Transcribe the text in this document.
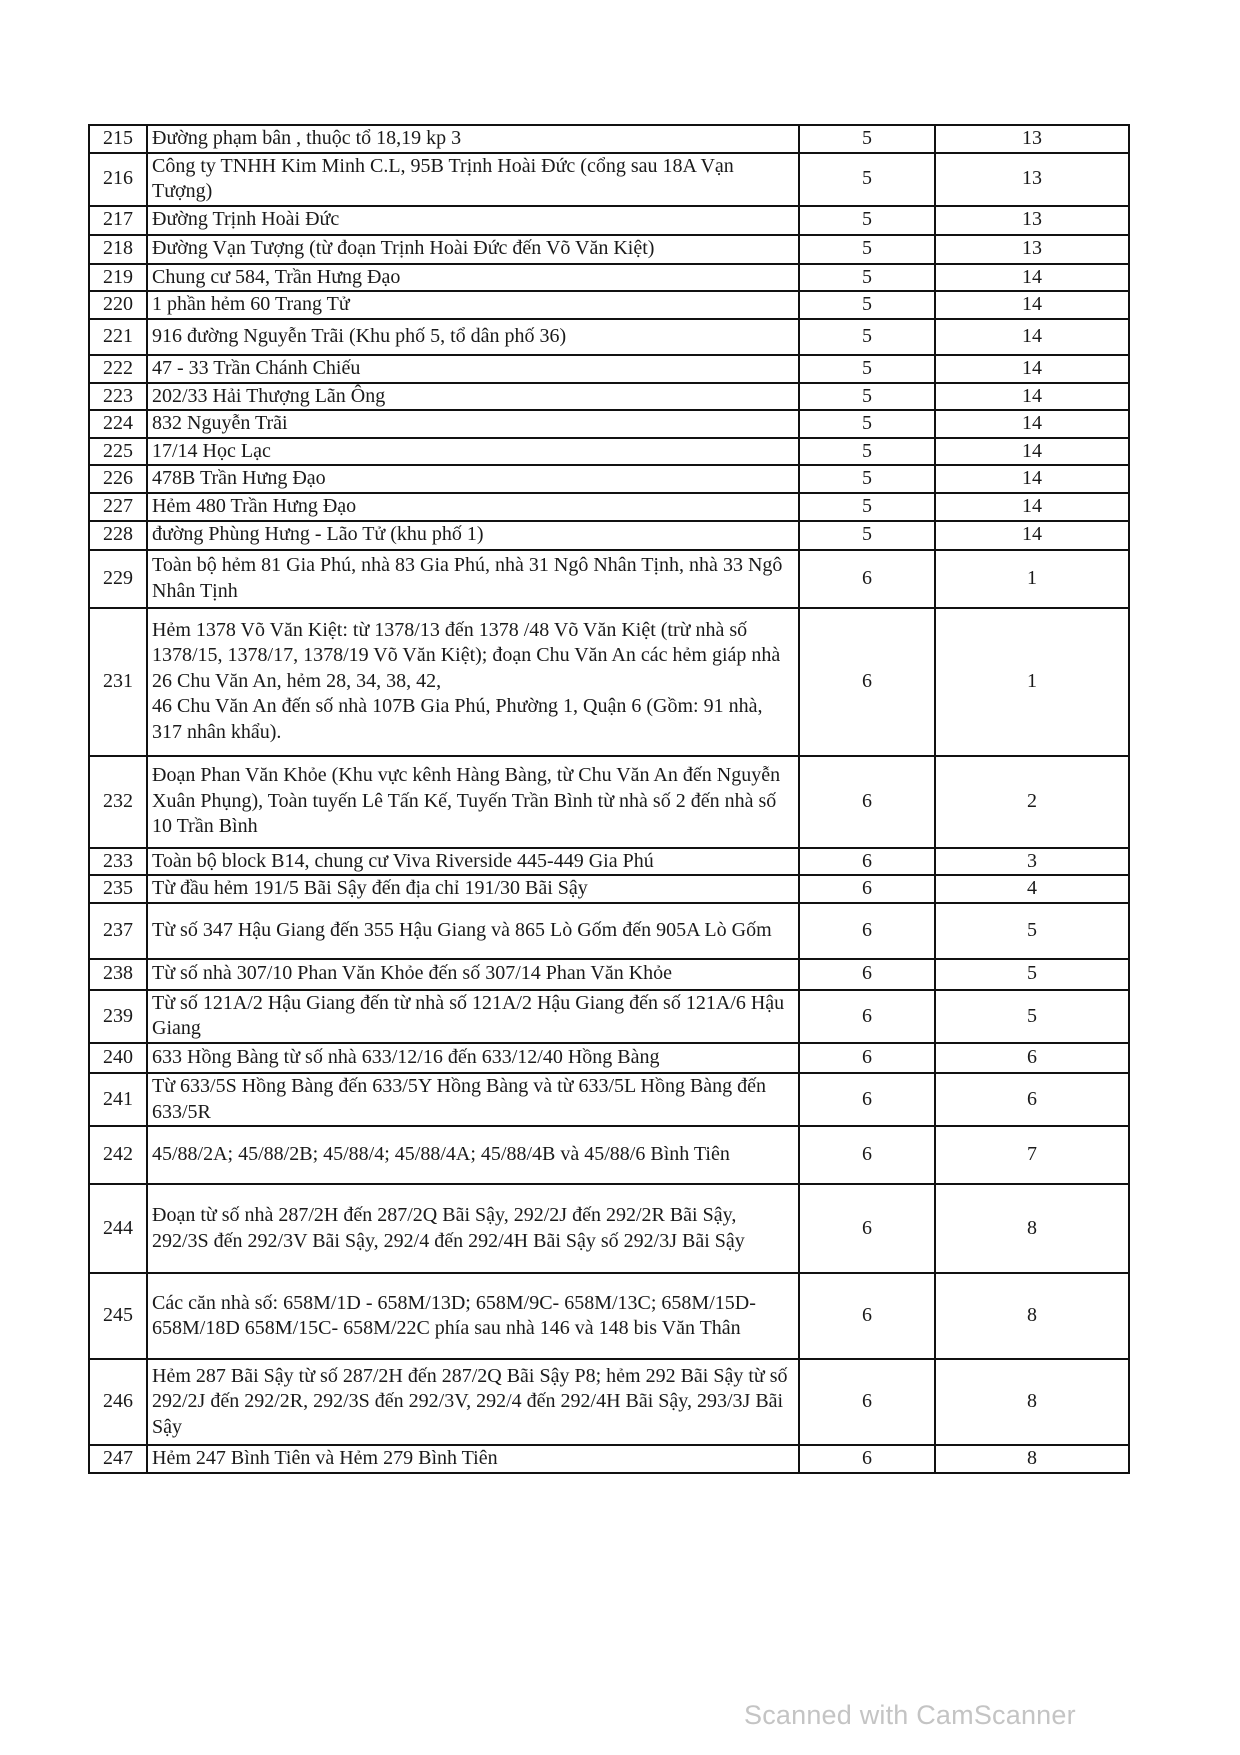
215	Đường phạm bân , thuộc tổ 18,19 kp 3	5	13
216	Công ty TNHH Kim Minh C.L, 95B Trịnh Hoài Đức (cổng sau 18A Vạn Tượng)	5	13
217	Đường Trịnh Hoài Đức	5	13
218	Đường Vạn Tượng (từ đoạn Trịnh Hoài Đức đến Võ Văn Kiệt)	5	13
219	Chung cư 584, Trần Hưng Đạo	5	14
220	1 phần hẻm 60 Trang Tử	5	14
221	916 đường Nguyễn Trãi (Khu phố 5, tổ dân phố 36)	5	14
222	47 - 33 Trần Chánh Chiếu	5	14
223	202/33 Hải Thượng Lãn Ông	5	14
224	832 Nguyễn Trãi	5	14
225	17/14 Học Lạc	5	14
226	478B Trần Hưng Đạo	5	14
227	Hẻm 480 Trần Hưng Đạo	5	14
228	đường Phùng Hưng - Lão Tử (khu phố 1)	5	14
229	Toàn bộ hẻm 81 Gia Phú, nhà 83 Gia Phú, nhà 31 Ngô Nhân Tịnh, nhà 33 Ngô Nhân Tịnh	6	1
231	Hẻm 1378 Võ Văn Kiệt: từ 1378/13 đến 1378 /48 Võ Văn Kiệt (trừ nhà số 1378/15, 1378/17, 1378/19 Võ Văn Kiệt); đoạn Chu Văn An các hẻm giáp nhà 26 Chu Văn An, hẻm 28, 34, 38, 42,
46 Chu Văn An đến số nhà 107B Gia Phú, Phường 1, Quận 6 (Gồm: 91 nhà, 317 nhân khẩu).	6	1
232	Đoạn Phan Văn Khỏe (Khu vực kênh Hàng Bàng, từ Chu Văn An đến Nguyễn Xuân Phụng), Toàn tuyến Lê Tấn Kế, Tuyến Trần Bình từ nhà số 2 đến nhà số 10 Trần Bình	6	2
233	Toàn bộ block B14, chung cư Viva Riverside 445-449 Gia Phú	6	3
235	Từ đầu hẻm 191/5 Bãi Sậy đến địa chỉ 191/30 Bãi Sậy	6	4
237	Từ số 347 Hậu Giang đến 355 Hậu Giang và 865 Lò Gốm đến 905A Lò Gốm	6	5
238	Từ số nhà 307/10 Phan Văn Khỏe đến số 307/14 Phan Văn Khỏe	6	5
239	Từ số 121A/2 Hậu Giang đến từ nhà số 121A/2 Hậu Giang đến số 121A/6 Hậu Giang	6	5
240	633 Hồng Bàng từ số nhà 633/12/16 đến 633/12/40 Hồng Bàng	6	6
241	Từ 633/5S Hồng Bàng đến 633/5Y Hồng Bàng và từ 633/5L Hồng Bàng đến 633/5R	6	6
242	45/88/2A; 45/88/2B; 45/88/4; 45/88/4A; 45/88/4B và 45/88/6 Bình Tiên	6	7
244	Đoạn từ số nhà 287/2H đến 287/2Q Bãi Sậy, 292/2J đến 292/2R Bãi Sậy, 292/3S đến 292/3V Bãi Sậy, 292/4 đến 292/4H Bãi Sậy số 292/3J Bãi Sậy	6	8
245	Các căn nhà số: 658M/1D - 658M/13D; 658M/9C- 658M/13C; 658M/15D- 658M/18D 658M/15C- 658M/22C phía sau nhà 146 và 148 bis Văn Thân	6	8
246	Hẻm 287 Bãi Sậy từ số 287/2H đến 287/2Q Bãi Sậy P8; hẻm 292 Bãi Sậy từ số 292/2J đến 292/2R, 292/3S đến 292/3V, 292/4 đến 292/4H Bãi Sậy, 293/3J Bãi Sậy	6	8
247	Hẻm 247 Bình Tiên và Hẻm 279 Bình Tiên	6	8
Scanned with CamScanner
